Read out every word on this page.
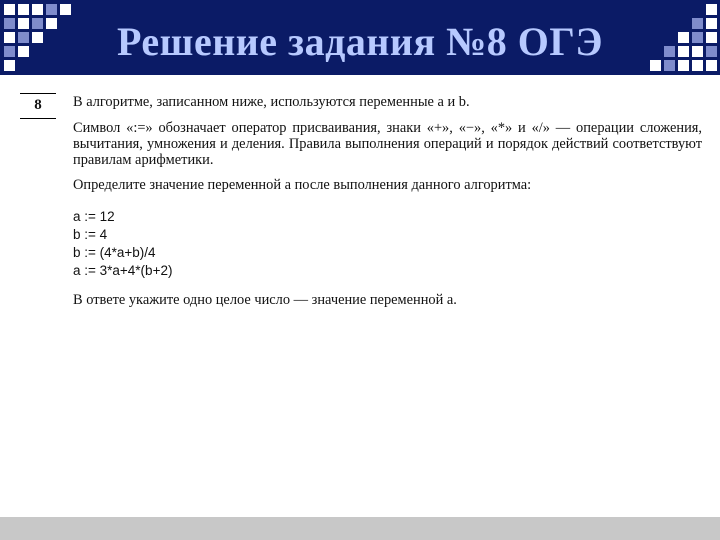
Решение задания №8 ОГЭ
8	В алгоритме, записанном ниже, используются переменные a и b.
Символ «:=» обозначает оператор присваивания, знаки «+», «−», «*» и «/» — операции сложения, вычитания, умножения и деления. Правила выполнения операций и порядок действий соответствуют правилам арифметики.
Определите значение переменной a после выполнения данного алгоритма:
a := 12
b := 4
b := (4*a+b)/4
a := 3*a+4*(b+2)
В ответе укажите одно целое число — значение переменной a.
